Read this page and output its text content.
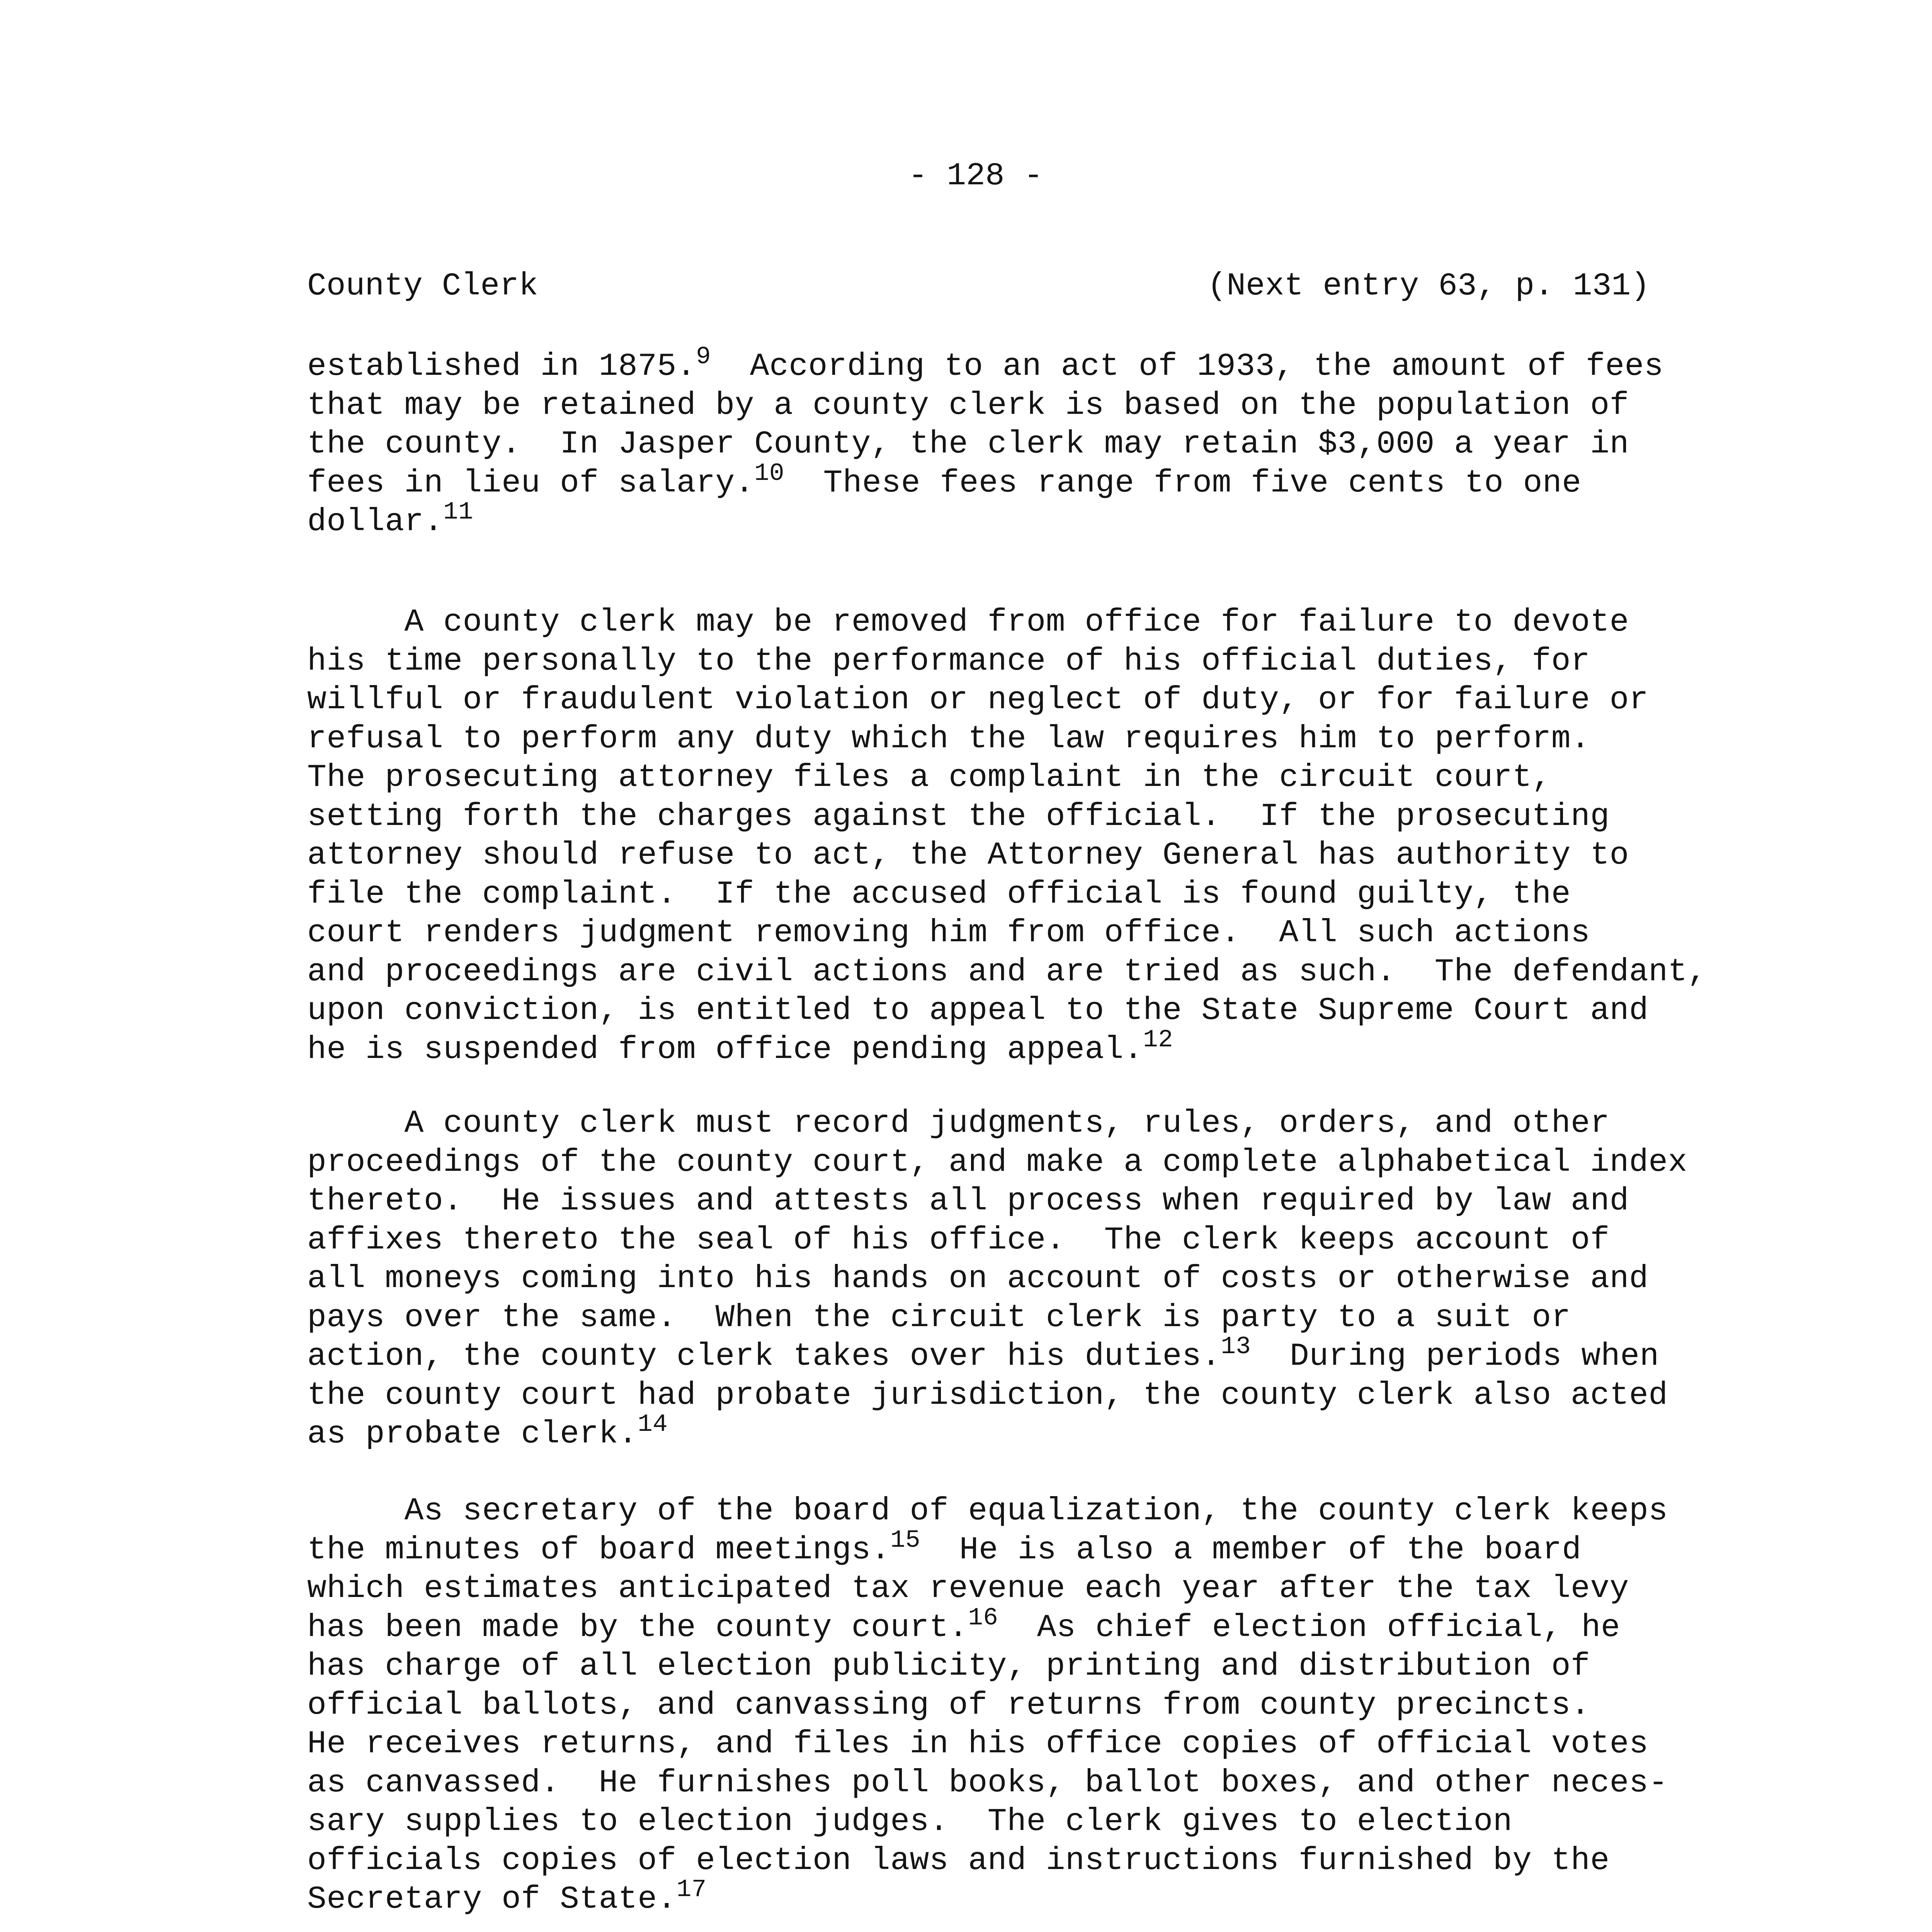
- 128 -
County Clerk	(Next entry 63, p. 131)
established in 1875.$^9$  According to an act of 1933, the amount of fees
that may be retained by a county clerk is based on the population of
the county.  In Jasper County, the clerk may retain $3,000 a year in
fees in lieu of salary.$^{10}$  These fees range from five cents to one
dollar.$^{11}$
A county clerk may be removed from office for failure to devote
his time personally to the performance of his official duties, for
willful or fraudulent violation or neglect of duty, or for failure or
refusal to perform any duty which the law requires him to perform.
The prosecuting attorney files a complaint in the circuit court,
setting forth the charges against the official.  If the prosecuting
attorney should refuse to act, the Attorney General has authority to
file the complaint.  If the accused official is found guilty, the
court renders judgment removing him from office.  All such actions
and proceedings are civil actions and are tried as such.  The defendant,
upon conviction, is entitled to appeal to the State Supreme Court and
he is suspended from office pending appeal.$^{12}$
A county clerk must record judgments, rules, orders, and other
proceedings of the county court, and make a complete alphabetical index
thereto.  He issues and attests all process when required by law and
affixes thereto the seal of his office.  The clerk keeps account of
all moneys coming into his hands on account of costs or otherwise and
pays over the same.  When the circuit clerk is party to a suit or
action, the county clerk takes over his duties.$^{13}$  During periods when
the county court had probate jurisdiction, the county clerk also acted
as probate clerk.$^{14}$
As secretary of the board of equalization, the county clerk keeps
the minutes of board meetings.$^{15}$  He is also a member of the board
which estimates anticipated tax revenue each year after the tax levy
has been made by the county court.$^{16}$  As chief election official, he
has charge of all election publicity, printing and distribution of
official ballots, and canvassing of returns from county precincts.
He receives returns, and files in his office copies of official votes
as canvassed.  He furnishes poll books, ballot boxes, and other neces-
sary supplies to election judges.  The clerk gives to election
officials copies of election laws and instructions furnished by the
Secretary of State.$^{17}$
